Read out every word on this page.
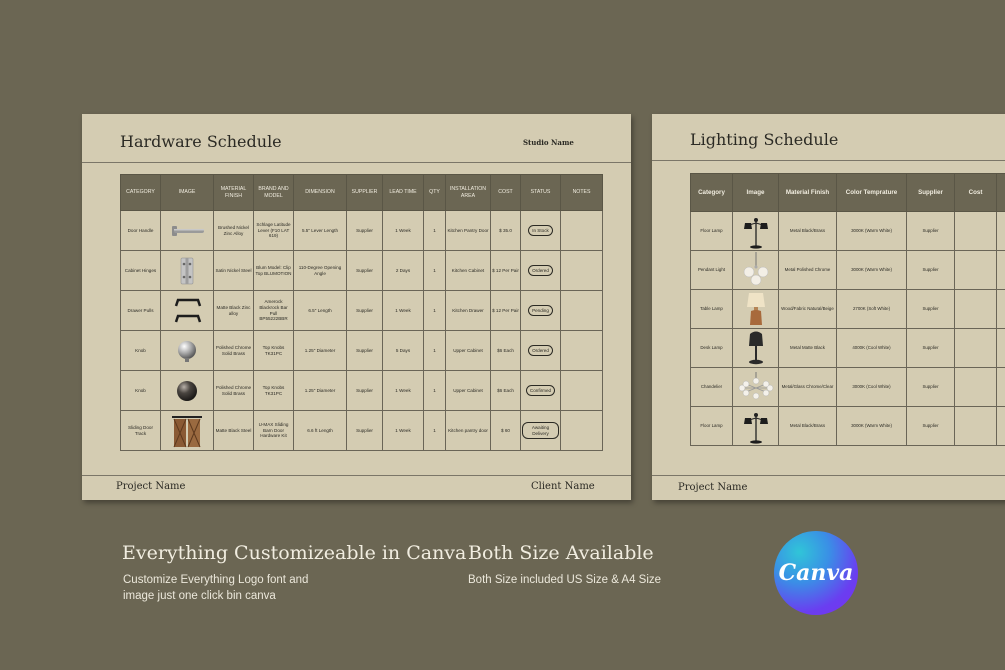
Hardware Schedule	Studio Name
CATEGORY	IMAGE	MATERIAL FINISH	BRAND AND MODEL	DIMENSION	SUPPLIER	LEAD TIME	QTY	INSTALLATION AREA	COST	STATUS	NOTES
Door Handle		Brushed Nickel Zinc Alloy	Schlage Latitude Lever (F10 LAT 619)	5.5" Lever Length	Supplier	1 Week	1	Kitchen Pantry Door	$ 35.0	In Stock	
Cabinet Hinges		Satin Nickel Steel	Blum Model: Clip Top BLUMOTION	110-Degree Opening Angle	Supplier	2 Days	1	Kitchen Cabinet	$ 12 Per Pair	Ordered	
Drawer Pulls		Matte Black Zinc alloy	Amerock Blackrock Bar Pull BP55222BBR	6.5" Length	Supplier	1 Week	1	Kitchen Drawer	$ 12 Per Pair	Pending	
Knob		Polished Chrome Solid Brass	Top Knobs TK31PC	1.25" Diameter	Supplier	5 Days	1	Upper Cabinet	$6 Each	Ordered	
Knob		Polished Chrome Solid Brass	Top Knobs TK31PC	1.25" Diameter	Supplier	1 Week	1	Upper Cabinet	$6 Each	Confirmed	
Sliding Door Track		Matte Black Steel	U-MAX Sliding Barn Door Hardware Kit	6.6 ft Length	Supplier	1 Week	1	Kitchen pantry door	$ 60	Awaiting Delivery	
Project Name	Client Name
Lighting Schedule
Category	Image	Material Finish	Color Temprature	Supplier	Cost	
Floor Lamp		Metal Black/Brass	3000K (Warm White)	Supplier		
Pendant Light		Metal Polished Chrome	3000K (Warm White)	Supplier		
Table Lamp		Wood/Fabric Natural/Beige	2700K (Soft White)	Supplier		
Desk Lamp		Metal Matte Black	4000K (Cool White)	Supplier		
Chandelier		Metal/Glass Chrome/Clear	3000K (Cool White)	Supplier		
Floor Lamp		Metal Black/Brass	3000K (Warm White)	Supplier		
Project Name
Everything Customizeable in Canva
Customize Everything Logo font and
image just one click bin canva
Both Size Available
Both Size included US Size & A4 Size	Canva
